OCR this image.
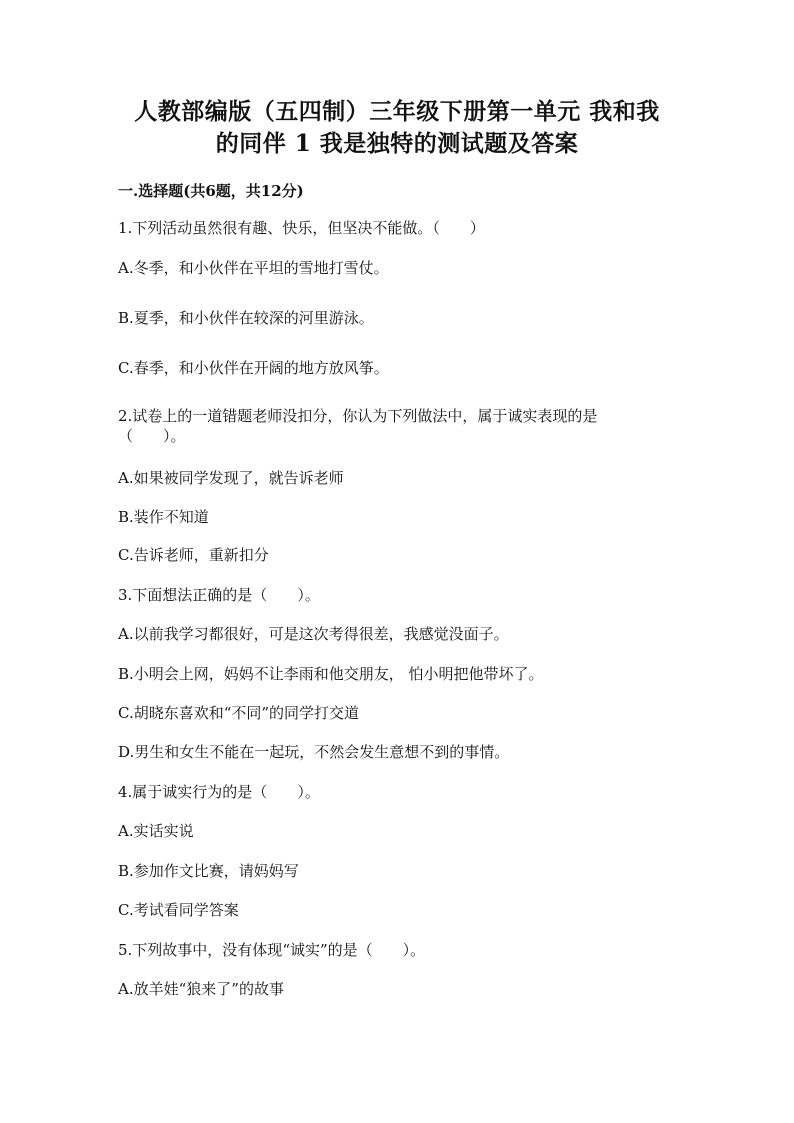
人教部编版（五四制）三年级下册第一单元 我和我
的同伴 1 我是独特的测试题及答案
一.选择题(共6题，共12分)
1.下列活动虽然很有趣、快乐，但坚决不能做。（　　）
A.冬季，和小伙伴在平坦的雪地打雪仗。
B.夏季，和小伙伴在较深的河里游泳。
C.春季，和小伙伴在开阔的地方放风筝。
2.试卷上的一道错题老师没扣分，你认为下列做法中，属于诚实表现的是
（　　）。
A.如果被同学发现了，就告诉老师
B.装作不知道
C.告诉老师，重新扣分
3.下面想法正确的是（　　）。
A.以前我学习都很好，可是这次考得很差，我感觉没面子。
B.小明会上网，妈妈不让李雨和他交朋友， 怕小明把他带坏了。
C.胡晓东喜欢和“不同”的同学打交道
D.男生和女生不能在一起玩，不然会发生意想不到的事情。
4.属于诚实行为的是（　　）。
A.实话实说
B.参加作文比赛，请妈妈写
C.考试看同学答案
5.下列故事中，没有体现“诚实”的是（　　）。
A.放羊娃“狼来了”的故事
